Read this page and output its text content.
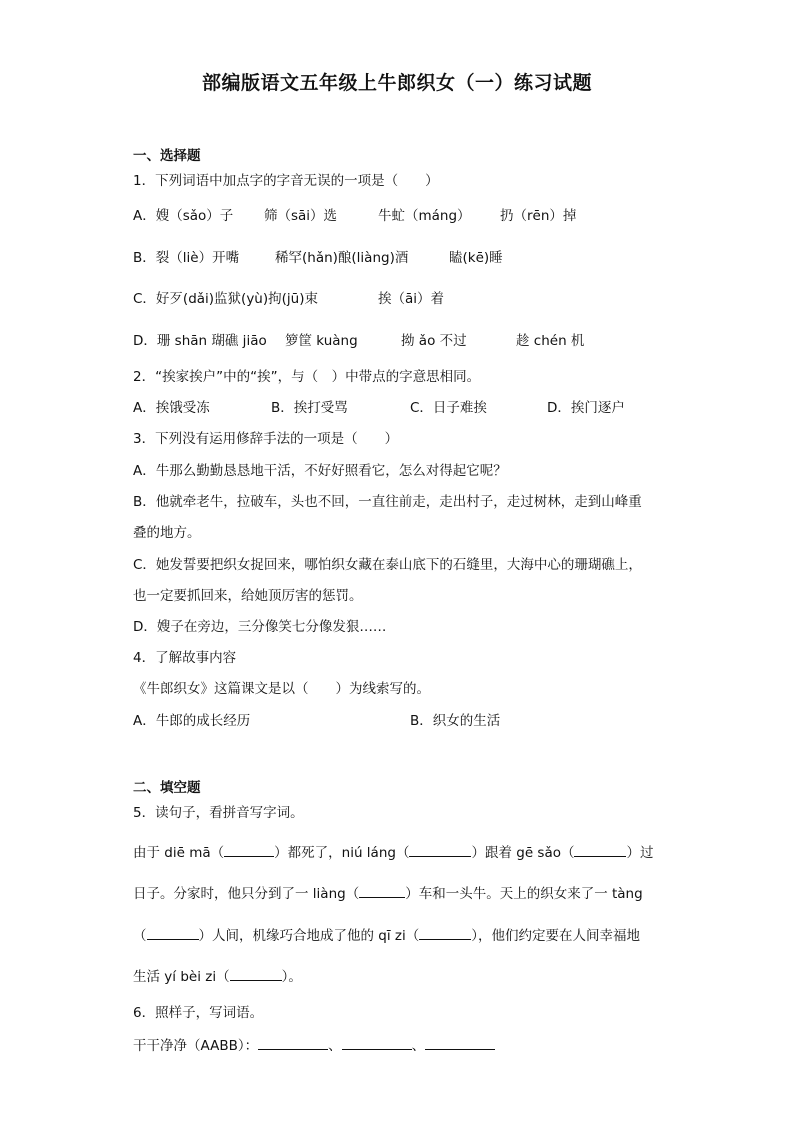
部编版语文五年级上牛郎织女（一）练习试题
一、选择题
1．下列词语中加点字的字音无误的一项是（　　）
A．嫂（sǎo）子 筛（sāi）选	牛虻（máng） 扔（rēn）掉
B．裂（liè）开嘴	稀罕(hǎn)酿(liàng)酒	瞌(kē)睡
C．好歹(dǎi)监狱(yù)拘(jū)束	挨（āi）着
D．珊 shān 瑚礁 jiāo 箩筐 kuàng	拗 ǎo 不过	趁 chén 机
2．“挨家挨户”中的“挨”，与（　）中带点的字意思相同。
A．挨饿受冻	B．挨打受骂	C．日子难挨	D．挨门逐户
3．下列没有运用修辞手法的一项是（　　）
A．牛那么勤勤恳恳地干活，不好好照看它，怎么对得起它呢？
B．他就牵老牛，拉破车，头也不回，一直往前走，走出村子，走过树林，走到山峰重
叠的地方。
C．她发誓要把织女捉回来，哪怕织女藏在泰山底下的石缝里，大海中心的珊瑚礁上，
也一定要抓回来，给她顶厉害的惩罚。
D．嫂子在旁边，三分像笑七分像发狠……
4．了解故事内容
《牛郎织女》这篇课文是以（　　）为线索写的。
A．牛郎的成长经历	B．织女的生活
二、填空题
5．读句子，看拼音写字词。
由于 diē mā（	）都死了，niú láng（	）跟着 gē sǎo（	）过
日子。分家时，他只分到了一 liàng（	）车和一头牛。天上的织女来了一 tàng
（	）人间，机缘巧合地成了他的 qī zi（	），他们约定要在人间幸福地
生活 yí bèi zi（	）。
6．照样子，写词语。
干干净净（AABB）：	、	、
